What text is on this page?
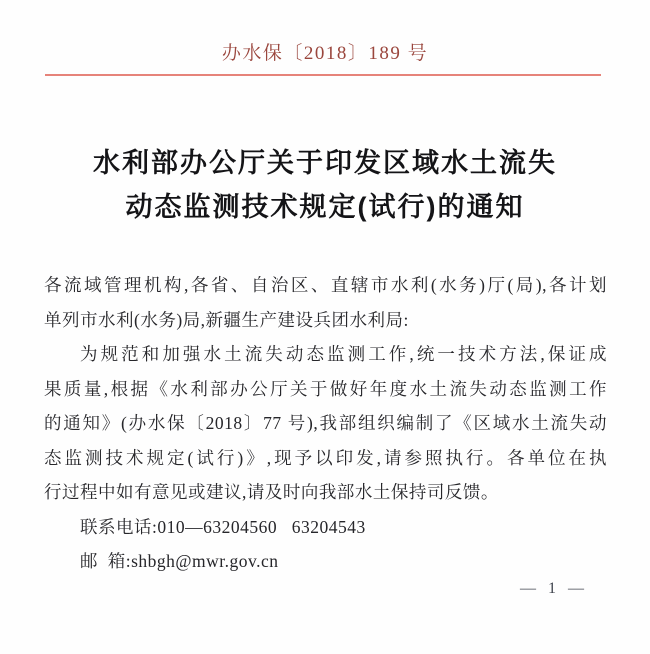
办水保〔2018〕189 号
水利部办公厅关于印发区域水土流失
动态监测技术规定(试行)的通知
各流域管理机构,各省、自治区、直辖市水利(水务)厅(局),各计划
单列市水利(水务)局,新疆生产建设兵团水利局:
为规范和加强水土流失动态监测工作,统一技术方法,保证成
果质量,根据《水利部办公厅关于做好年度水土流失动态监测工作
的通知》(办水保〔2018〕77 号),我部组织编制了《区域水土流失动
态监测技术规定(试行)》,现予以印发,请参照执行。各单位在执
行过程中如有意见或建议,请及时向我部水土保持司反馈。
联系电话:010—63204560   63204543
邮  箱:shbgh@mwr.gov.cn
— 1 —
